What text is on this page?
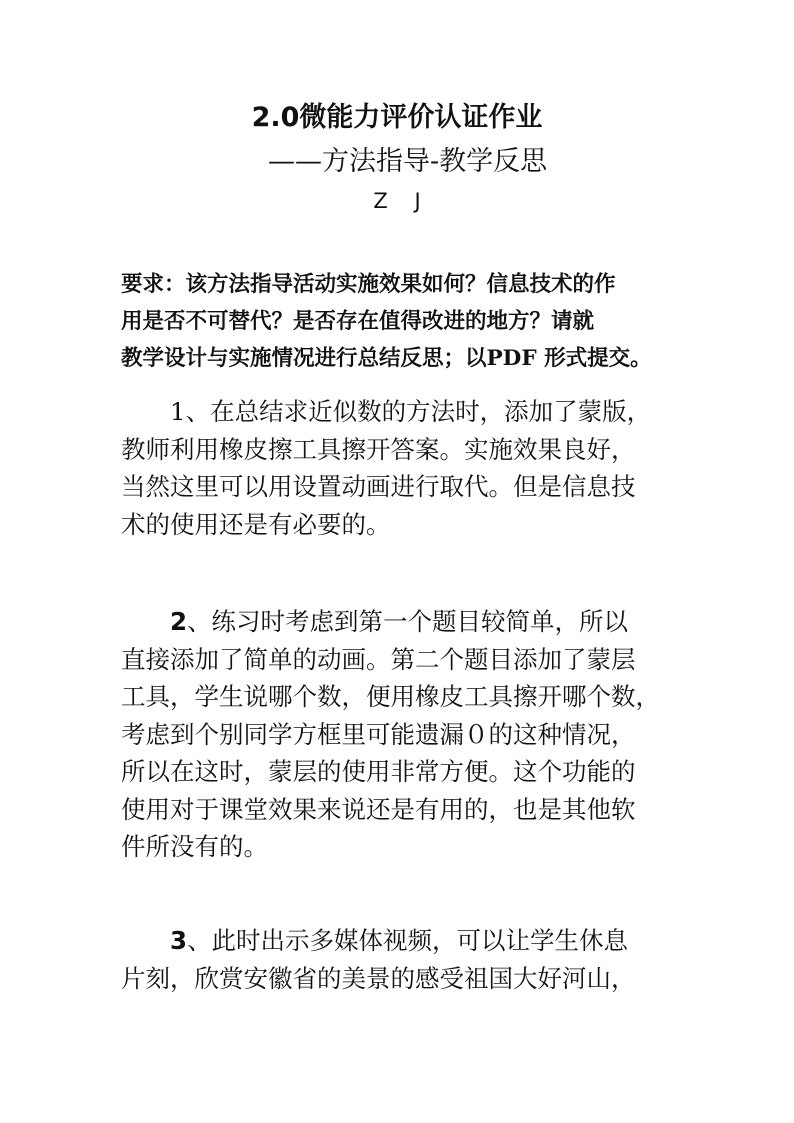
2.0微能力评价认证作业
——方法指导-教学反思

Z    J

要求：该方法指导活动实施效果如何？信息技术的作
用是否不可替代？是否存在值得改进的地方？请就
教学设计与实施情况进行总结反思；以PDF 形式提交。
1、在总结求近似数的方法时，添加了蒙版，
教师利用橡皮擦工具擦开答案。实施效果良好，
当然这里可以用设置动画进行取代。但是信息技
术的使用还是有必要的。
2、练习时考虑到第一个题目较简单，所以
直接添加了简单的动画。第二个题目添加了蒙层
工具，学生说哪个数，便用橡皮工具擦开哪个数，
考虑到个别同学方框里可能遗漏０的这种情况，
所以在这时，蒙层的使用非常方便。这个功能的
使用对于课堂效果来说还是有用的，也是其他软
件所没有的。
3、此时出示多媒体视频，可以让学生休息
片刻，欣赏安徽省的美景的感受祖国大好河山，
